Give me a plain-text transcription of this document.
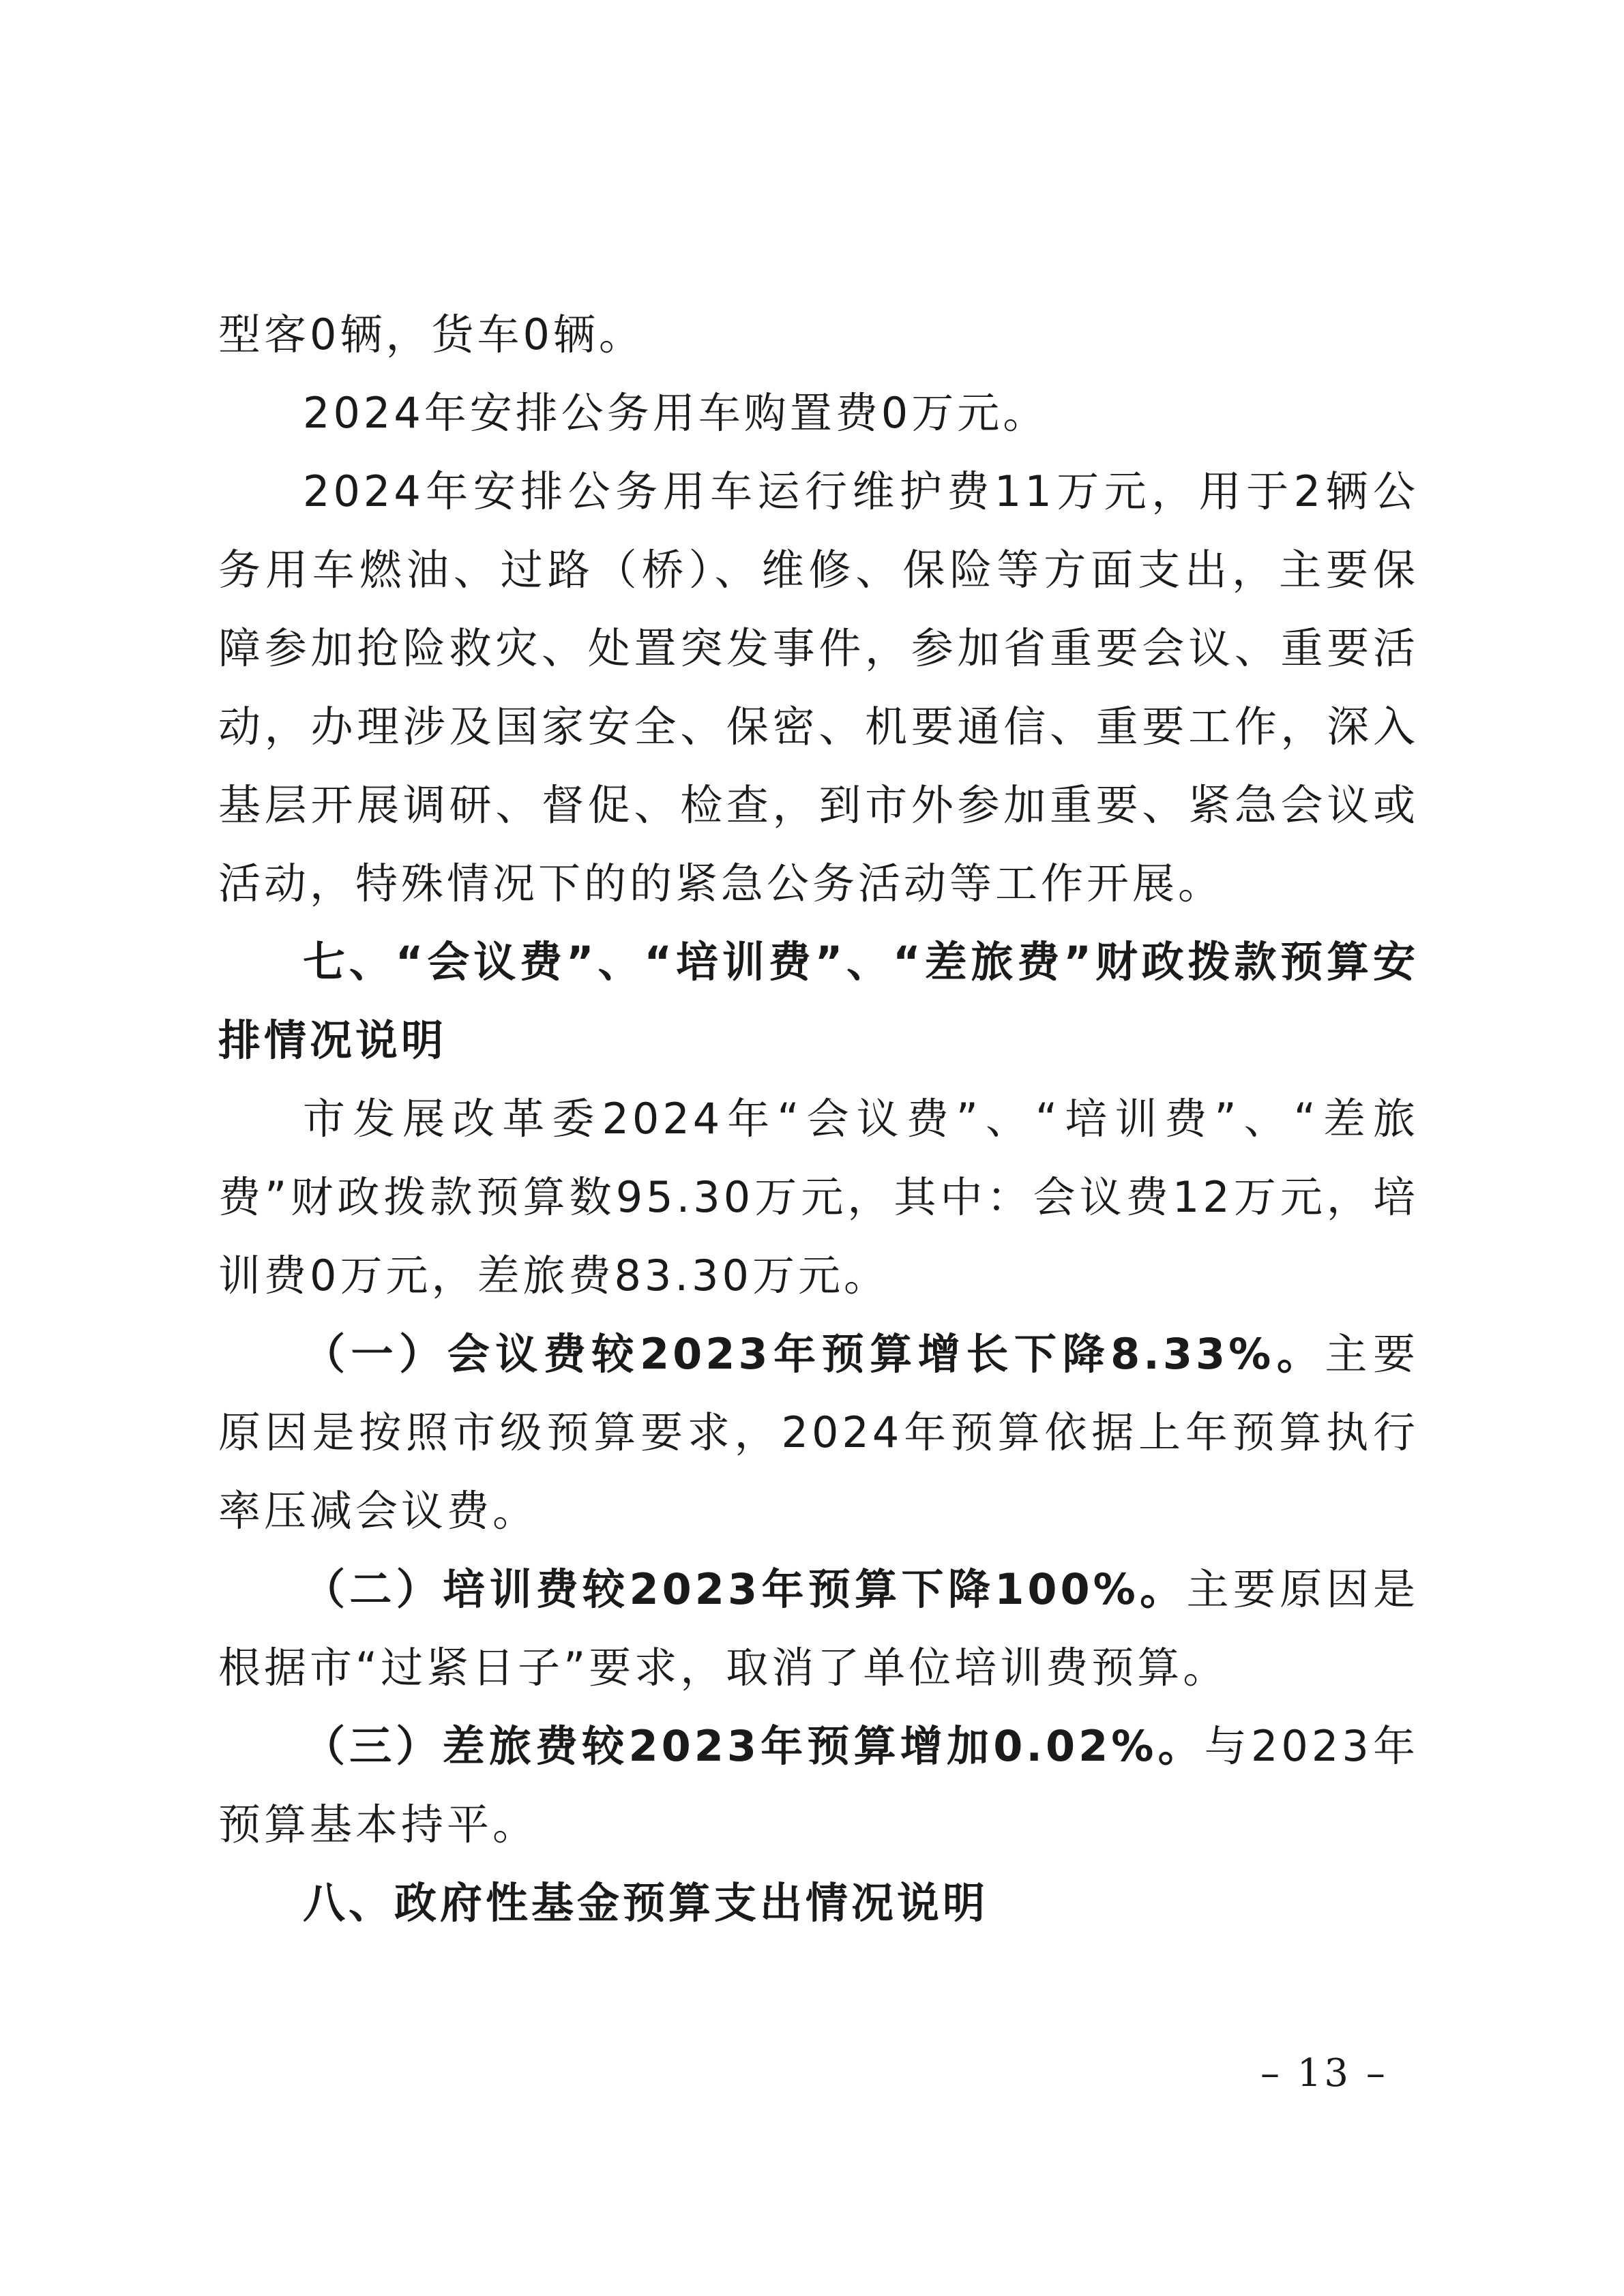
型客0辆，货车0辆。

2024年安排公务用车购置费0万元。

2024年安排公务用车运行维护费11万元，用于2辆公务用车燃油、过路（桥）、维修、保险等方面支出，主要保障参加抢险救灾、处置突发事件，参加省重要会议、重要活动，办理涉及国家安全、保密、机要通信、重要工作，深入基层开展调研、督促、检查，到市外参加重要、紧急会议或活动，特殊情况下的的紧急公务活动等工作开展。

七、“会议费”、“培训费”、“差旅费”财政拨款预算安排情况说明

市发展改革委2024年“会议费”、“培训费”、“差旅费”财政拨款预算数95.30万元，其中：会议费12万元，培训费0万元，差旅费83.30万元。

（一）会议费较2023年预算增长下降8.33%。主要原因是按照市级预算要求，2024年预算依据上年预算执行率压减会议费。

（二）培训费较2023年预算下降100%。主要原因是根据市“过紧日子”要求，取消了单位培训费预算。

（三）差旅费较2023年预算增加0.02%。与2023年预算基本持平。

八、政府性基金预算支出情况说明

– 13 –
